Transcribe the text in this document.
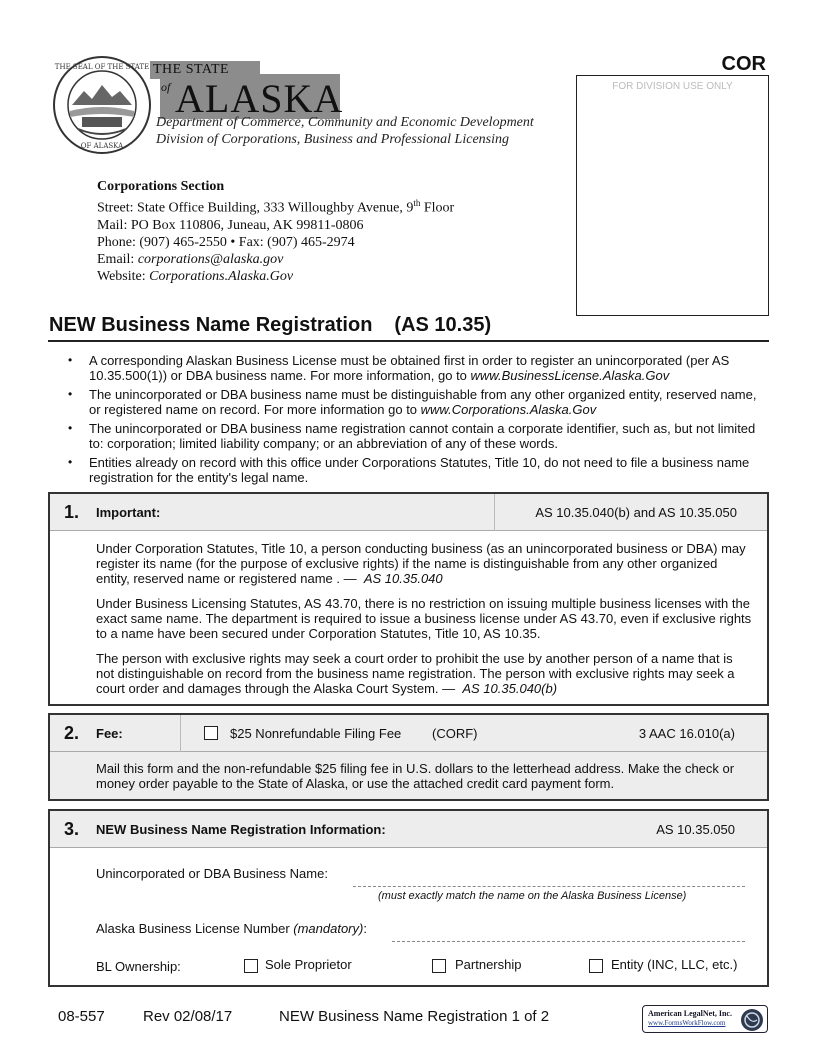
THE SEAL OF THE STATE
OF ALASKA
THE STATE
of ALASKA
Department of Commerce, Community and Economic Development
Division of Corporations, Business and Professional Licensing
COR
FOR DIVISION USE ONLY
Corporations Section
Street: State Office Building, 333 Willoughby Avenue, 9th Floor
Mail: PO Box 110806, Juneau, AK 99811-0806
Phone: (907) 465-2550 • Fax: (907) 465-2974
Email: corporations@alaska.gov
Website: Corporations.Alaska.Gov
NEW Business Name Registration (AS 10.35)
• A corresponding Alaskan Business License must be obtained first in order to register an unincorporated (per AS 10.35.500(1)) or DBA business name. For more information, go to www.BusinessLicense.Alaska.Gov
• The unincorporated or DBA business name must be distinguishable from any other organized entity, reserved name, or registered name on record. For more information go to www.Corporations.Alaska.Gov
• The unincorporated or DBA business name registration cannot contain a corporate identifier, such as, but not limited to: corporation; limited liability company; or an abbreviation of any of these words.
• Entities already on record with this office under Corporations Statutes, Title 10, do not need to file a business name registration for the entity's legal name.
1. Important:	AS 10.35.040(b) and AS 10.35.050

Under Corporation Statutes, Title 10, a person conducting business (as an unincorporated business or DBA) may register its name (for the purpose of exclusive rights) if the name is distinguishable from any other organized entity, reserved name or registered name . — AS 10.35.040

Under Business Licensing Statutes, AS 43.70, there is no restriction on issuing multiple business licenses with the exact same name. The department is required to issue a business license under AS 43.70, even if exclusive rights to a name have been secured under Corporation Statutes, Title 10, AS 10.35.

The person with exclusive rights may seek a court order to prohibit the use by another person of a name that is not distinguishable on record from the business name registration. The person with exclusive rights may seek a court order and damages through the Alaska Court System. — AS 10.35.040(b)

2. Fee:	$25 Nonrefundable Filing Fee (CORF)	3 AAC 16.010(a)
Mail this form and the non-refundable $25 filing fee in U.S. dollars to the letterhead address. Make the check or money order payable to the State of Alaska, or use the attached credit card payment form.
3. NEW Business Name Registration Information:	AS 10.35.050
Unincorporated or DBA Business Name:
(must exactly match the name on the Alaska Business License)
Alaska Business License Number (mandatory):
BL Ownership:	Sole Proprietor	Partnership	Entity (INC, LLC, etc.)
08-557	Rev 02/08/17	NEW Business Name Registration 1 of 2	American LegalNet, Inc.
www.FormsWorkFlow.com
